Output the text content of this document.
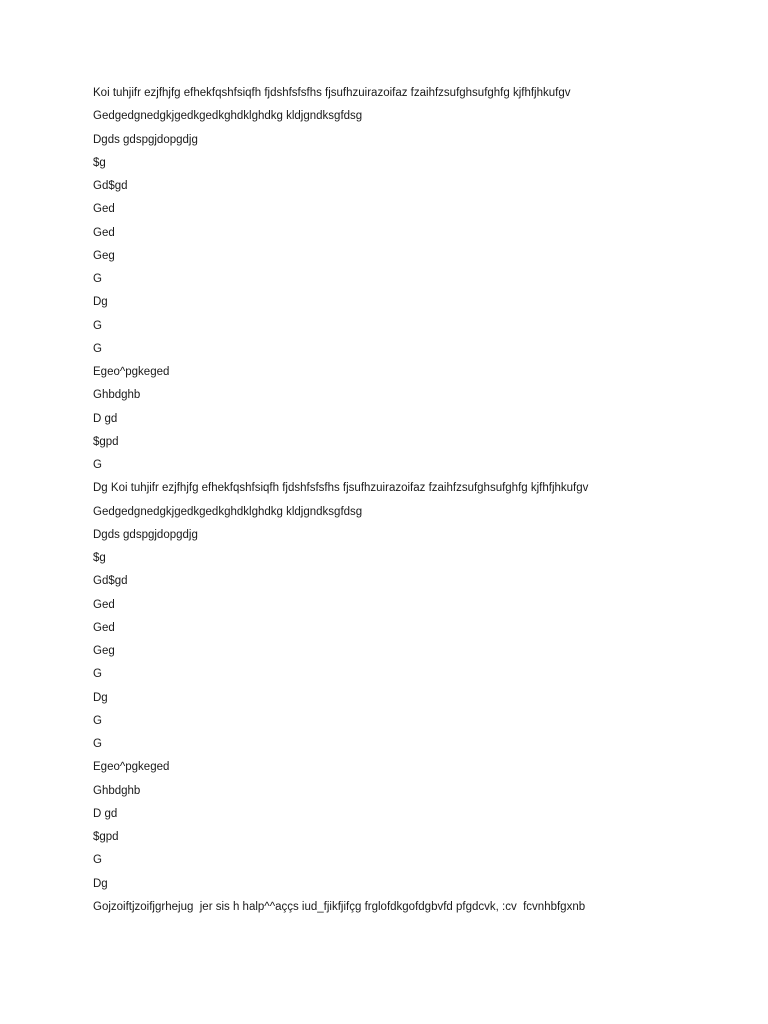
Koi tuhjifr ezjfhjfg efhekfqshfsiqfh fjdshfsfsfhs fjsufhzuirazoifaz fzaihfzsufghsufghfg kjfhfjhkufgv
Gedgedgnedgkjgedkgedkghdklghdkg kldjgndksgfdsg
Dgds gdspgjdopgdjg
$g
Gd$gd
Ged
Ged
Geg
G
Dg
G
G
Egeo^pgkeged
Ghbdghb
D gd
$gpd
G
Dg Koi tuhjifr ezjfhjfg efhekfqshfsiqfh fjdshfsfsfhs fjsufhzuirazoifaz fzaihfzsufghsufghfg kjfhfjhkufgv
Gedgedgnedgkjgedkgedkghdklghdkg kldjgndksgfdsg
Dgds gdspgjdopgdjg
$g
Gd$gd
Ged
Ged
Geg
G
Dg
G
G
Egeo^pgkeged
Ghbdghb
D gd
$gpd
G
Dg
Gojzoiftjzoifjgrhejug  jer sis h halp^^aççs iud_fjikfjifçg frglofdkgofdgbvfd pfgdcvk, :cv  fcvnhbfgxnb
